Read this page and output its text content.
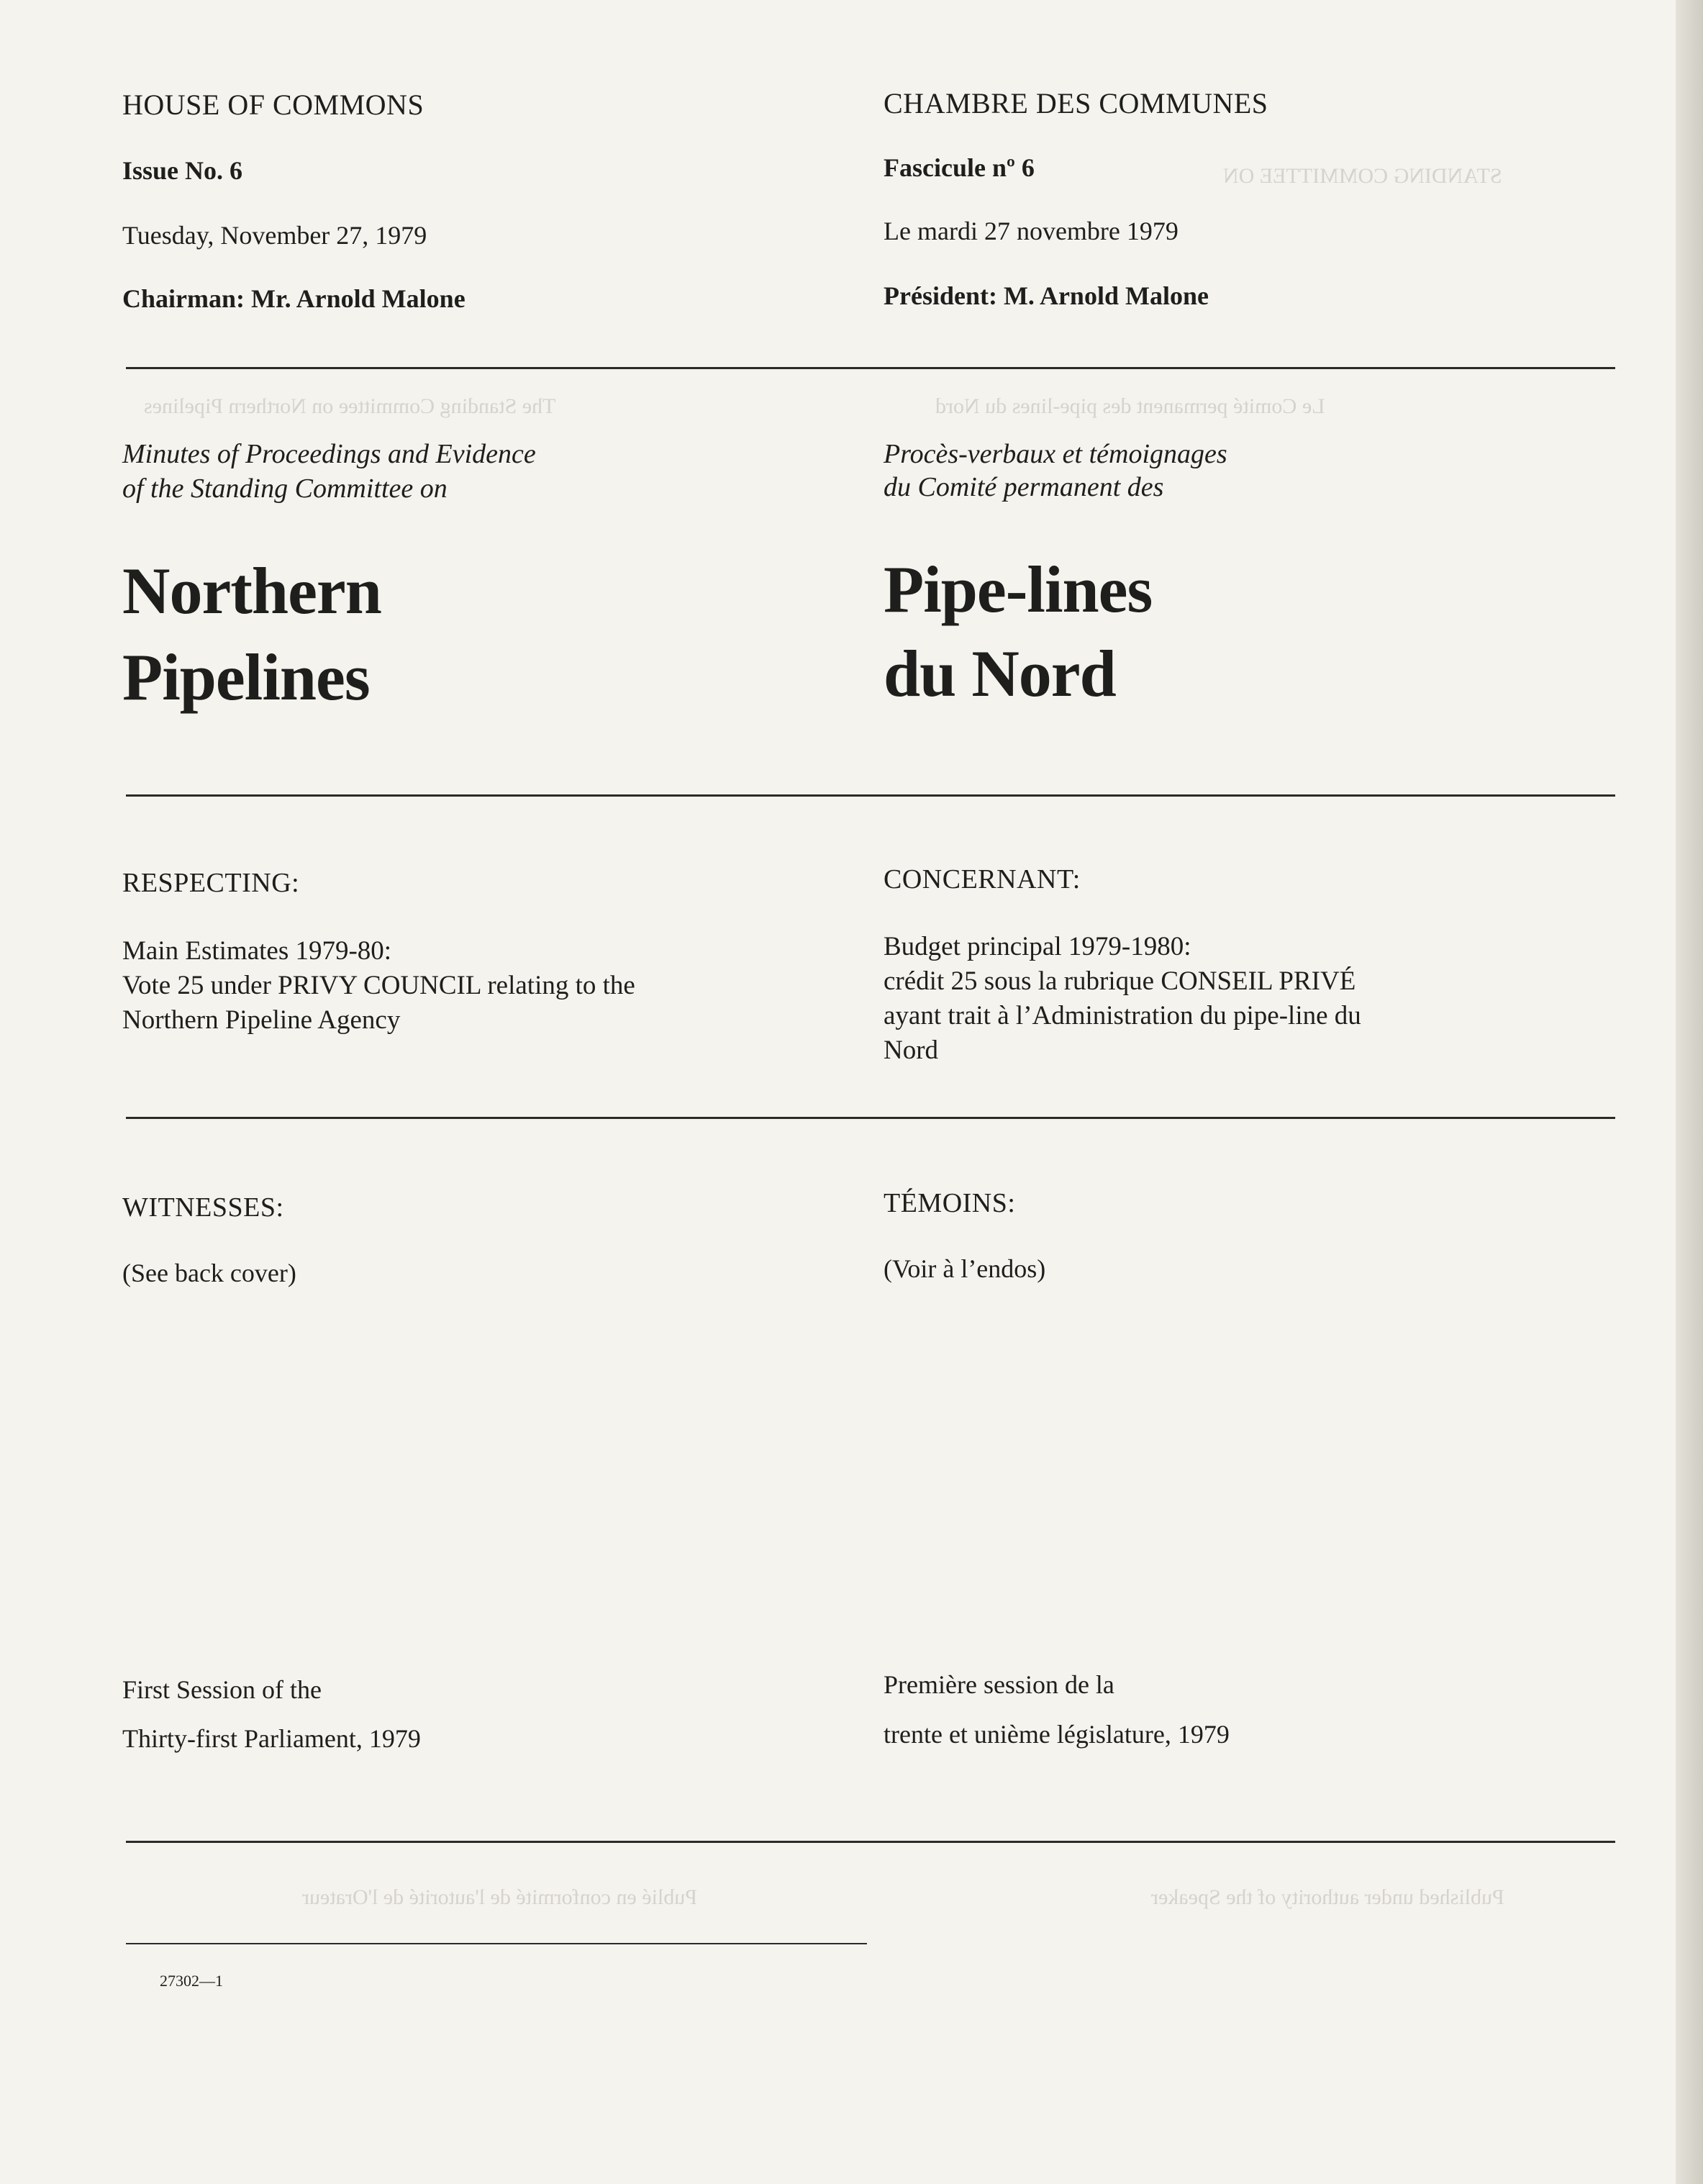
STANDING COMMITTEE ON
Le Comité permanent des pipe-lines du Nord
The Standing Committee on Northern Pipelines
Publié en conformité de l'autorité de l'Orateur	Published under authority of the Speaker

HOUSE OF COMMONS

Issue No. 6

Tuesday, November 27, 1979

Chairman: Mr. Arnold Malone

Minutes of Proceedings and Evidence

of the Standing Committee on

Northern

Pipelines

RESPECTING:

Main Estimates 1979-80:

Vote 25 under PRIVY COUNCIL relating to the

Northern Pipeline Agency

WITNESSES:

(See back cover)

First Session of the

Thirty-first Parliament, 1979

27302—1

CHAMBRE DES COMMUNES

Fascicule nº 6

Le mardi 27 novembre 1979

Président: M. Arnold Malone

Procès-verbaux et témoignages

du Comité permanent des

Pipe-lines

du Nord

CONCERNANT:

Budget principal 1979-1980:

crédit 25 sous la rubrique CONSEIL PRIVÉ

ayant trait à l’Administration du pipe-line du

Nord

TÉMOINS:

(Voir à l’endos)

Première session de la

trente et unième législature, 1979
